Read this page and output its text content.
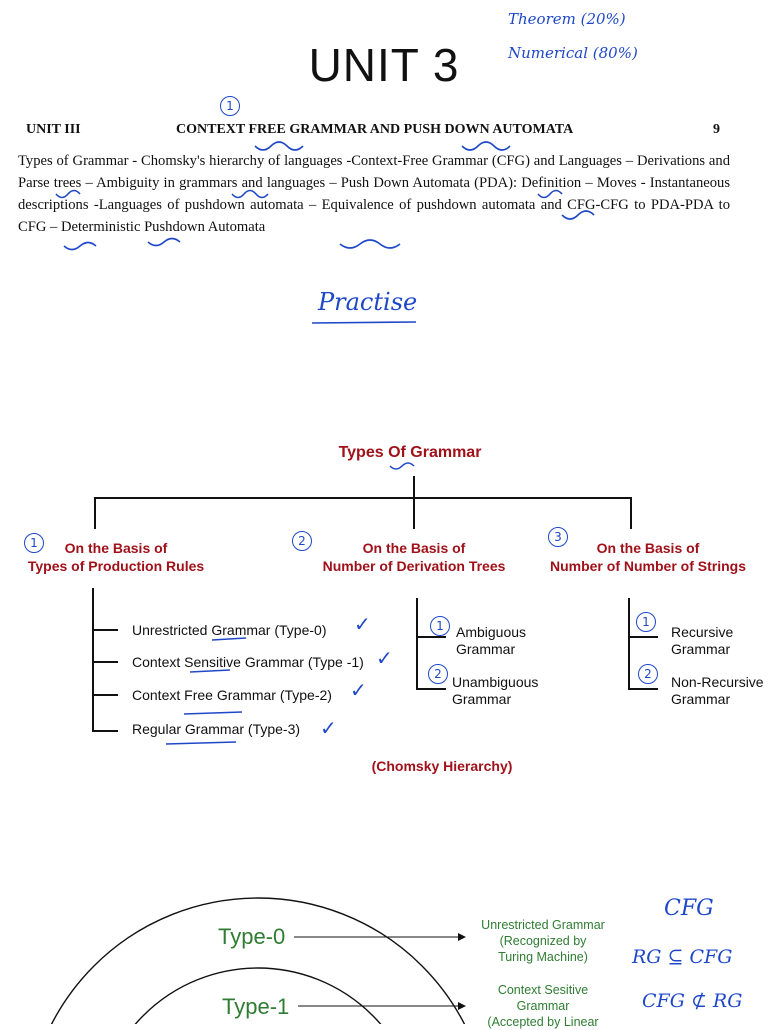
UNIT 3
Theorem (20%)
Numerical (80%)
1
UNIT III	CONTEXT FREE GRAMMAR AND PUSH DOWN AUTOMATA	9
Types of Grammar - Chomsky's hierarchy of languages -Context-Free Grammar (CFG) and Languages – Derivations and Parse trees – Ambiguity in grammars and languages – Push Down Automata (PDA): Definition – Moves - Instantaneous descriptions -Languages of pushdown automata – Equivalence of pushdown automata and CFG-CFG to PDA-PDA to CFG – Deterministic Pushdown Automata
Practise
Types Of Grammar
1	On the Basis of
Types of Production Rules
2	On the Basis of
Number of Derivation Trees
3
On the Basis of
Number of Number of Strings
Unrestricted Grammar (Type-0)
Context Sensitive Grammar (Type -1)
Context Free Grammar (Type-2)
Regular Grammar (Type-3)
✓
✓
✓
✓
1 Ambiguous
Grammar
2 Unambiguous
Grammar
1
Recursive
Grammar
2	Non-Recursive
Grammar
(Chomsky Hierarchy)
Type-0
Type-1
Unrestricted Grammar
(Recognized by
Turing Machine)
Context Sesitive
Grammar
(Accepted by Linear
CFG
RG ⊆ CFG
CFG ⊄ RG
